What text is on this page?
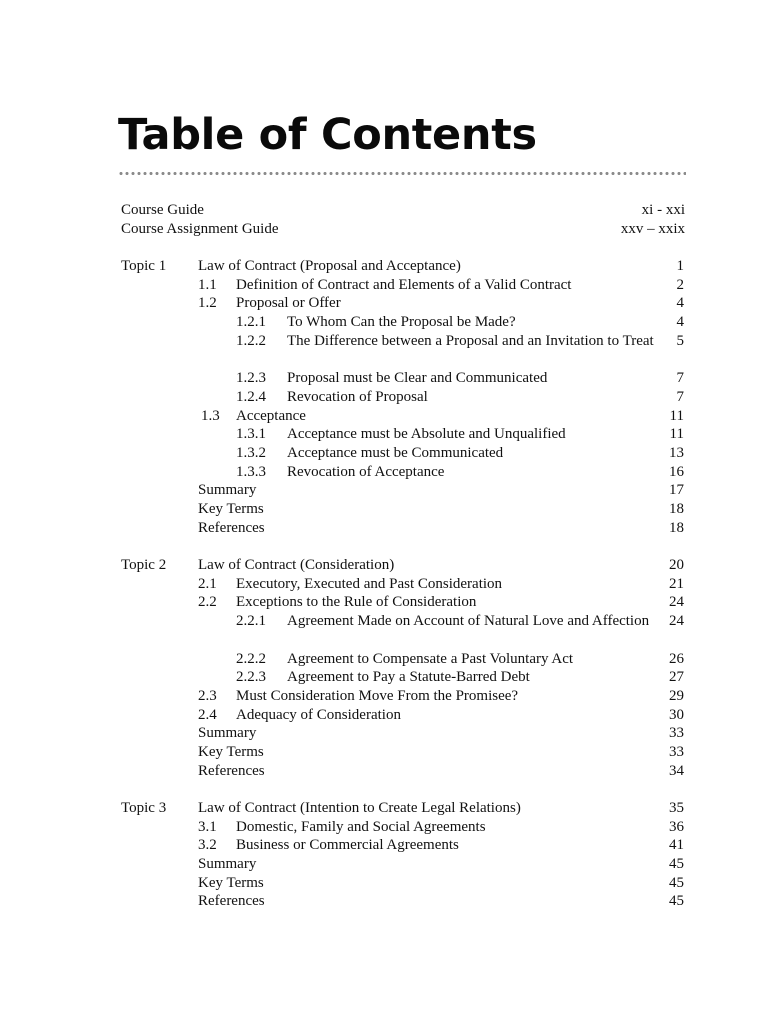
Table of Contents
Course Guide	xi - xxi
Course Assignment Guide	xxv – xxix
Topic 1 Law of Contract (Proposal and Acceptance)	1
1.1 Definition of Contract and Elements of a Valid Contract	2
1.2 Proposal or Offer	4
1.2.1 To Whom Can the Proposal be Made?	4
1.2.2 The Difference between a Proposal and an Invitation to Treat 5
1.2.3 Proposal must be Clear and Communicated	7
1.2.4 Revocation of Proposal	7
1.3 Acceptance	11
1.3.1 Acceptance must be Absolute and Unqualified	11
1.3.2 Acceptance must be Communicated	13
1.3.3 Revocation of Acceptance	16
Summary	17
Key Terms	18
References	18
Topic 2 Law of Contract (Consideration)	20
2.1 Executory, Executed and Past Consideration	21
2.2 Exceptions to the Rule of Consideration	24
2.2.1 Agreement Made on Account of Natural Love and Affection	24
2.2.2 Agreement to Compensate a Past Voluntary Act	26
2.2.3 Agreement to Pay a Statute-Barred Debt	27
2.3 Must Consideration Move From the Promisee?	29
2.4 Adequacy of Consideration	30
Summary	33
Key Terms	33
References	34
Topic 3 Law of Contract (Intention to Create Legal Relations)	35
3.1 Domestic, Family and Social Agreements	36
3.2 Business or Commercial Agreements	41
Summary	45
Key Terms	45
References	45
